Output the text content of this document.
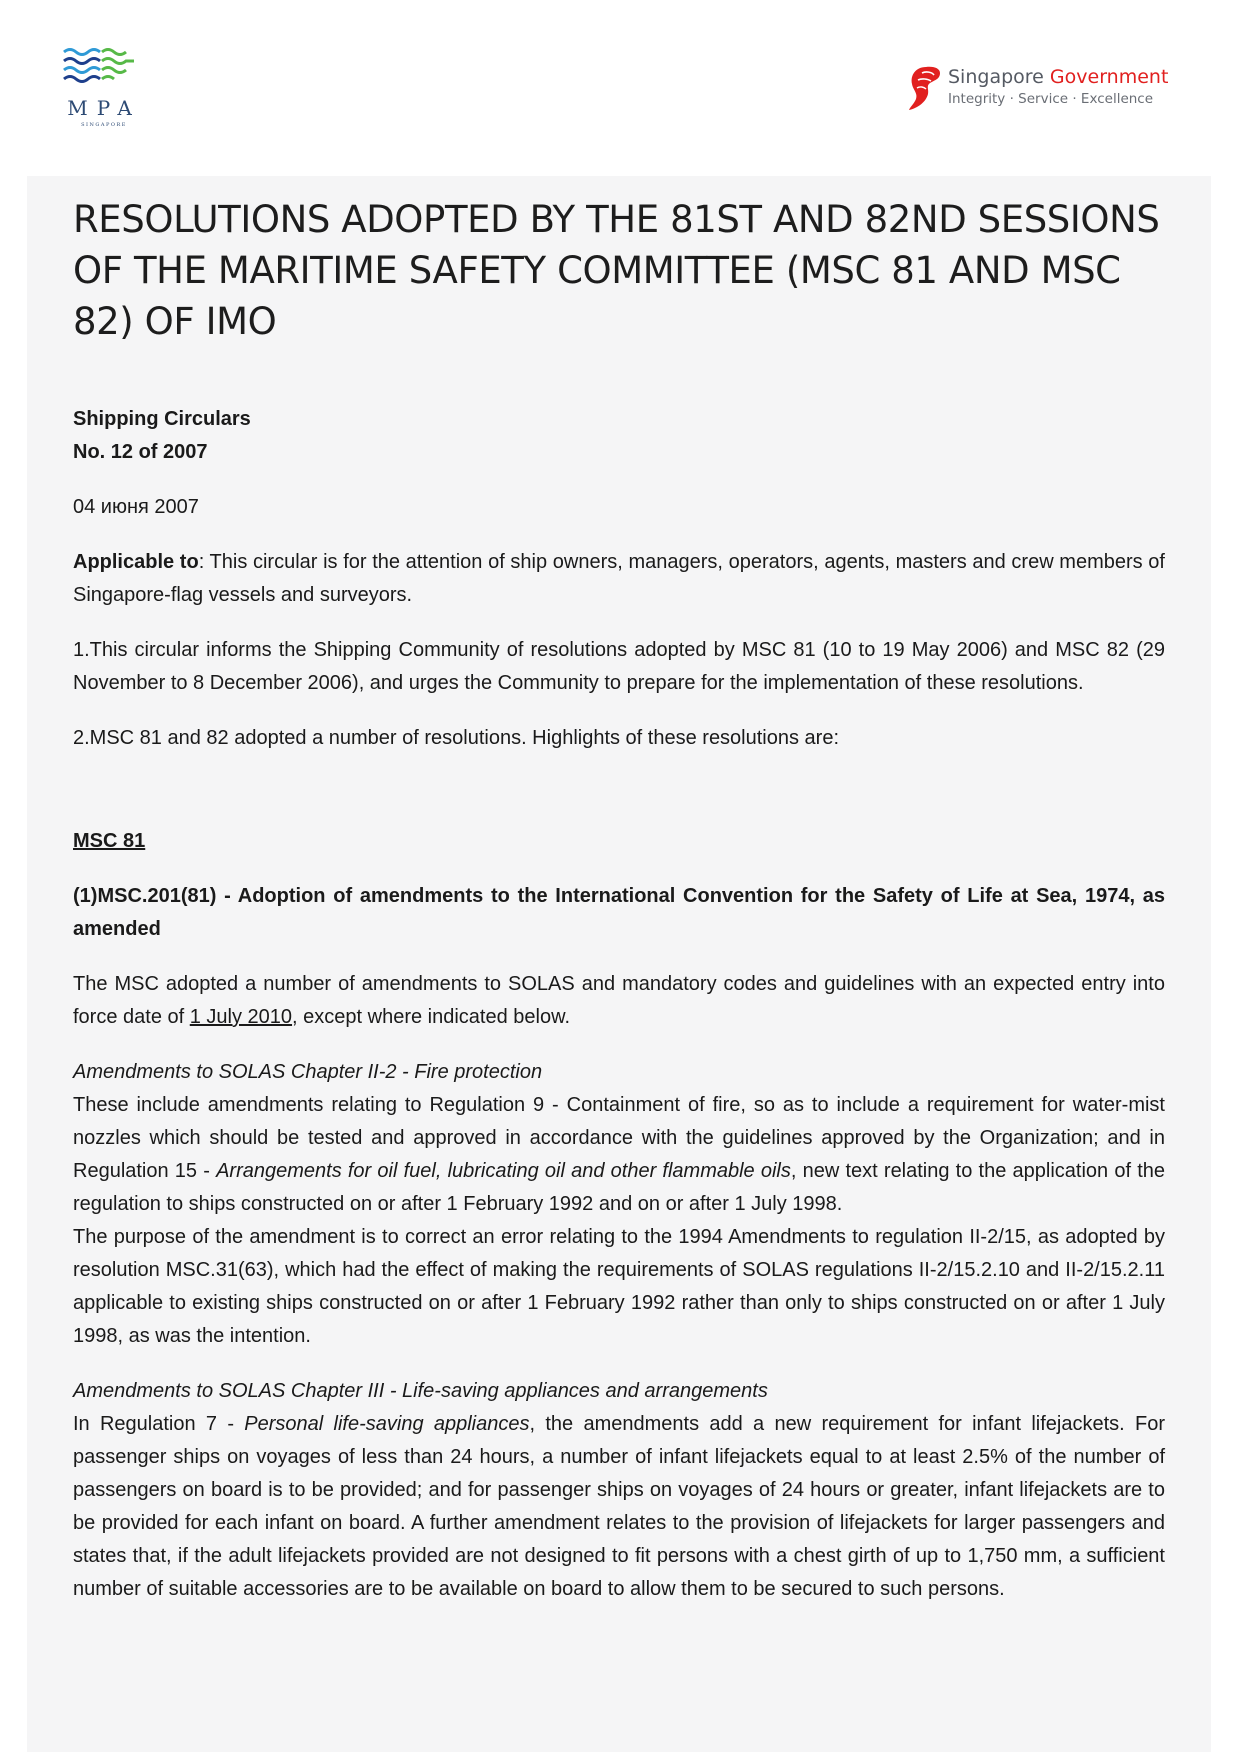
MPA
SINGAPORE
Singapore Government
Integrity · Service · Excellence
RESOLUTIONS ADOPTED BY THE 81ST AND 82ND SESSIONS OF THE MARITIME SAFETY COMMITTEE (MSC 81 AND MSC 82) OF IMO
Shipping Circulars
No. 12 of 2007

04 июня 2007

Applicable to: This circular is for the attention of ship owners, managers, operators, agents, masters and crew members of Singapore-flag vessels and surveyors.

1.This circular informs the Shipping Community of resolutions adopted by MSC 81 (10 to 19 May 2006) and MSC 82 (29 November to 8 December 2006), and urges the Community to prepare for the implementation of these resolutions.

2.MSC 81 and 82 adopted a number of resolutions. Highlights of these resolutions are:

MSC 81

(1)MSC.201(81) - Adoption of amendments to the International Convention for the Safety of Life at Sea, 1974, as amended

The MSC adopted a number of amendments to SOLAS and mandatory codes and guidelines with an expected entry into force date of 1 July 2010, except where indicated below.

Amendments to SOLAS Chapter II-2 - Fire protection

These include amendments relating to Regulation 9 - Containment of fire, so as to include a requirement for water-mist nozzles which should be tested and approved in accordance with the guidelines approved by the Organization; and in Regulation 15 - Arrangements for oil fuel, lubricating oil and other flammable oils, new text relating to the application of the regulation to ships constructed on or after 1 February 1992 and on or after 1 July 1998.

The purpose of the amendment is to correct an error relating to the 1994 Amendments to regulation II-2/15, as adopted by resolution MSC.31(63), which had the effect of making the requirements of SOLAS regulations II-2/15.2.10 and II-2/15.2.11 applicable to existing ships constructed on or after 1 February 1992 rather than only to ships constructed on or after 1 July 1998, as was the intention.

Amendments to SOLAS Chapter III - Life-saving appliances and arrangements

In Regulation 7 - Personal life-saving appliances, the amendments add a new requirement for infant lifejackets. For passenger ships on voyages of less than 24 hours, a number of infant lifejackets equal to at least 2.5% of the number of passengers on board is to be provided; and for passenger ships on voyages of 24 hours or greater, infant lifejackets are to be provided for each infant on board. A further amendment relates to the provision of lifejackets for larger passengers and states that, if the adult lifejackets provided are not designed to fit persons with a chest girth of up to 1,750 mm, a sufficient number of suitable accessories are to be available on board to allow them to be secured to such persons.
